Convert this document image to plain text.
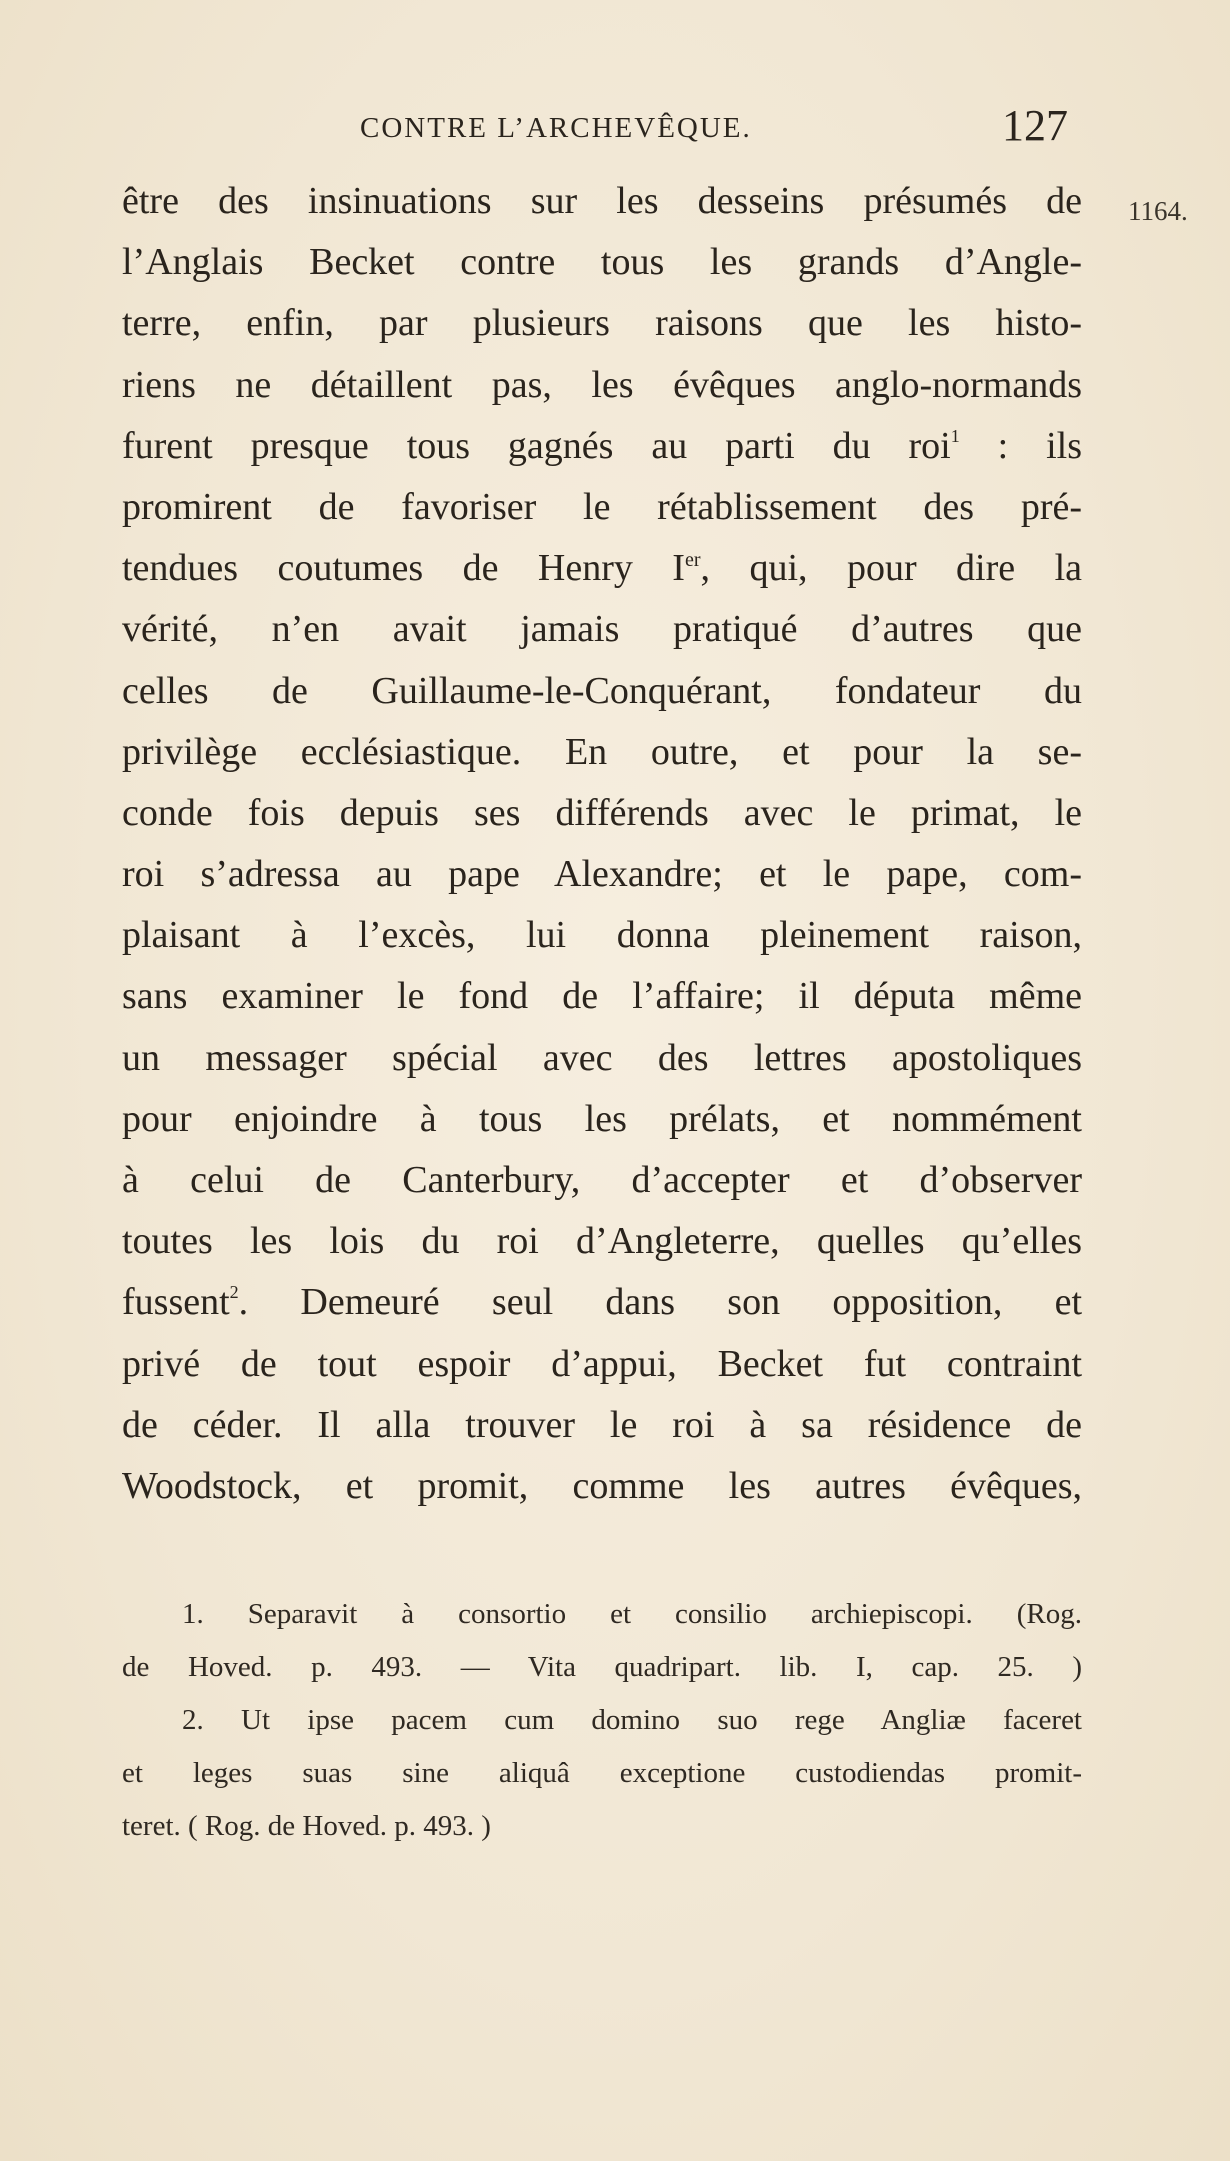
CONTRE L’ARCHEVÊQUE.	127
1164.
être des insinuations sur les desseins présumés de
l’Anglais Becket contre tous les grands d’Angle-
terre, enfin, par plusieurs raisons que les histo-
riens ne détaillent pas, les évêques anglo-normands
furent presque tous gagnés au parti du roi$^1$ : ils
promirent de favoriser le rétablissement des pré-
tendues coutumes de Henry Ier, qui, pour dire la
vérité, n’en avait jamais pratiqué d’autres que
celles de Guillaume-le-Conquérant, fondateur du
privilège ecclésiastique. En outre, et pour la se-
conde fois depuis ses différends avec le primat, le
roi s’adressa au pape Alexandre; et le pape, com-
plaisant à l’excès, lui donna pleinement raison,
sans examiner le fond de l’affaire; il députa même
un messager spécial avec des lettres apostoliques
pour enjoindre à tous les prélats, et nommément
à celui de Canterbury, d’accepter et d’observer
toutes les lois du roi d’Angleterre, quelles qu’elles
fussent$^2$. Demeuré seul dans son opposition, et
privé de tout espoir d’appui, Becket fut contraint
de céder. Il alla trouver le roi à sa résidence de
Woodstock, et promit, comme les autres évêques,
1. Separavit à consortio et consilio archiepiscopi. (Rog.
de Hoved. p. 493. — Vita quadripart. lib. I, cap. 25. )
2. Ut ipse pacem cum domino suo rege Angliæ faceret
et leges suas sine aliquâ exceptione custodiendas promit-
teret. ( Rog. de Hoved. p. 493. )
